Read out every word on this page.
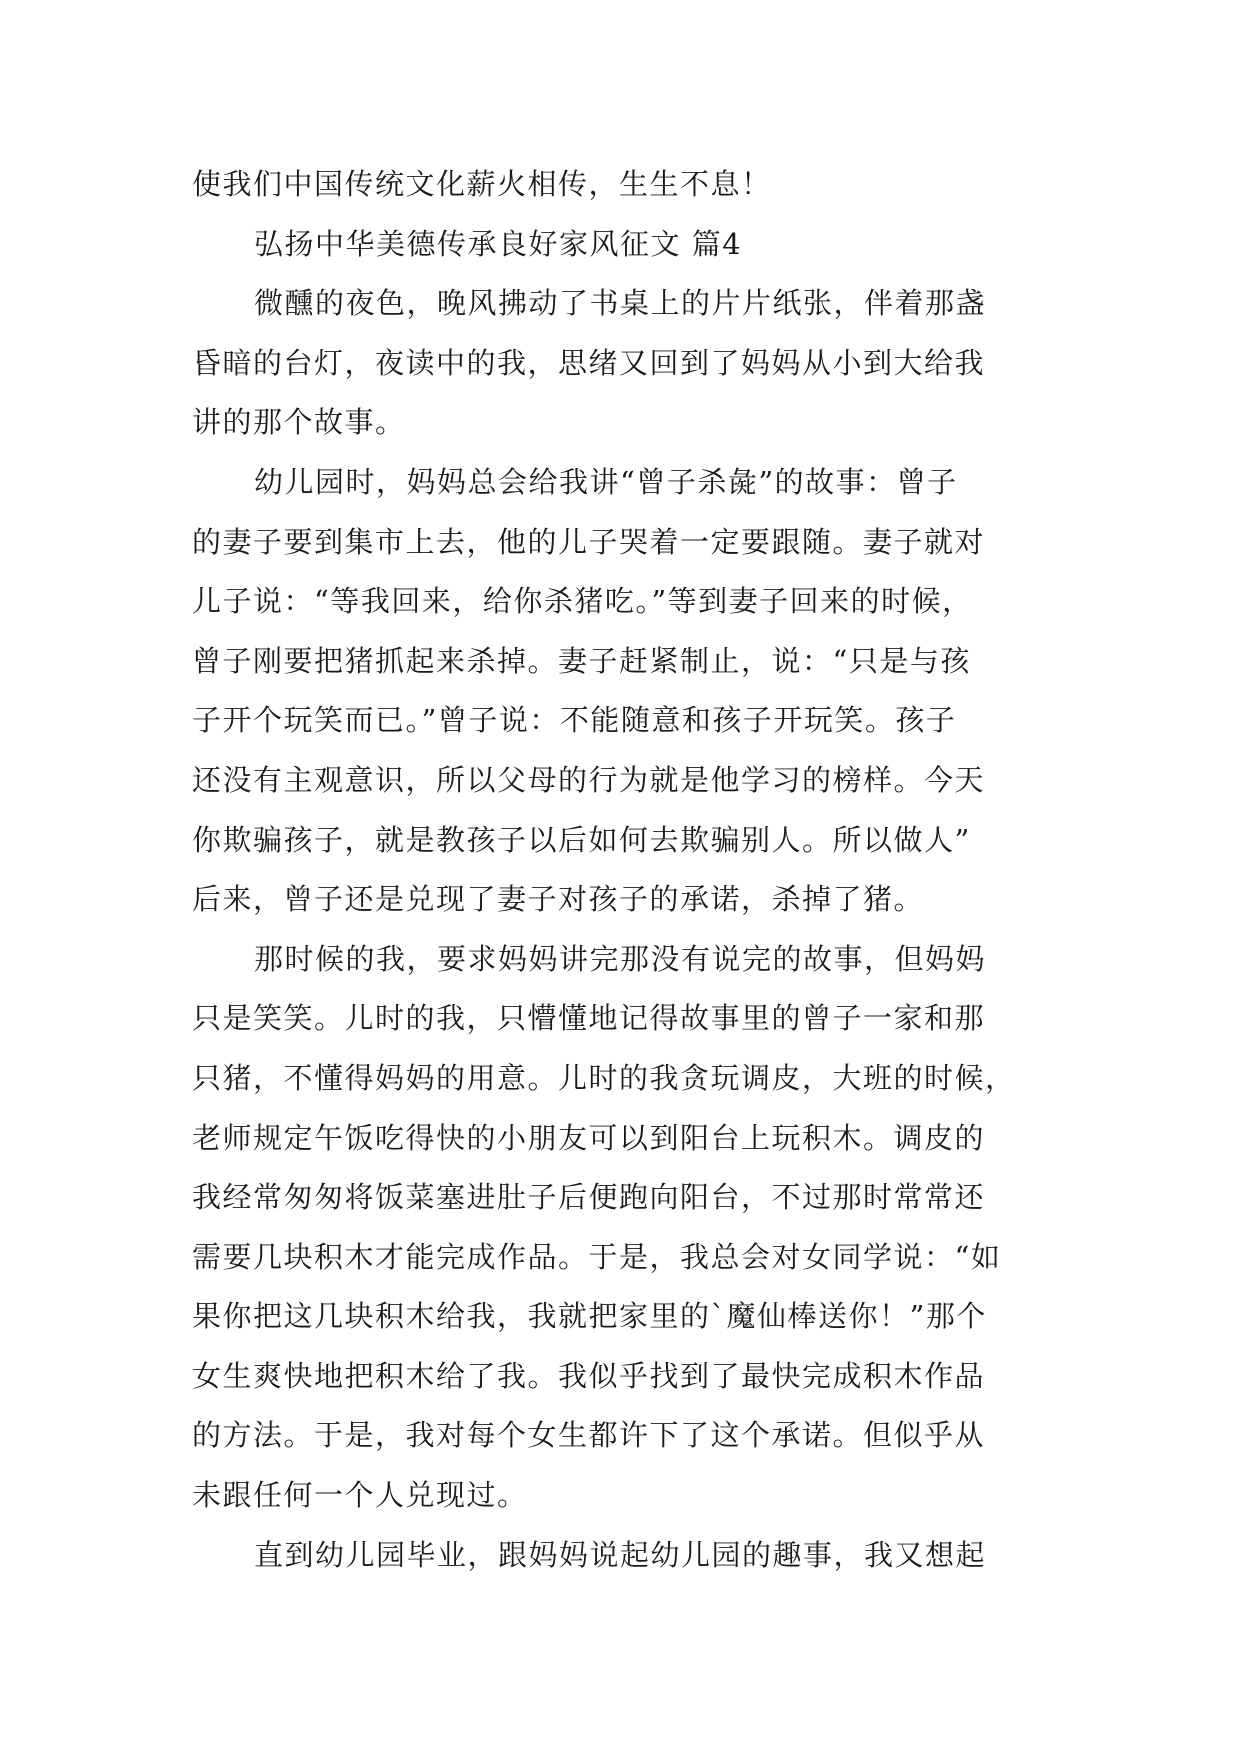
使我们中国传统文化薪火相传，生生不息！
弘扬中华美德传承良好家风征文 篇4
微醺的夜色，晚风拂动了书桌上的片片纸张，伴着那盏
昏暗的台灯，夜读中的我，思绪又回到了妈妈从小到大给我
讲的那个故事。
幼儿园时，妈妈总会给我讲“曾子杀彘”的故事：曾子
的妻子要到集市上去，他的儿子哭着一定要跟随。妻子就对
儿子说：“等我回来，给你杀猪吃。”等到妻子回来的时候，
曾子刚要把猪抓起来杀掉。妻子赶紧制止，说：“只是与孩
子开个玩笑而已。”曾子说：不能随意和孩子开玩笑。孩子
还没有主观意识，所以父母的行为就是他学习的榜样。今天
你欺骗孩子，就是教孩子以后如何去欺骗别人。所以做人”
后来，曾子还是兑现了妻子对孩子的承诺，杀掉了猪。
那时候的我，要求妈妈讲完那没有说完的故事，但妈妈
只是笑笑。儿时的我，只懵懂地记得故事里的曾子一家和那
只猪，不懂得妈妈的用意。儿时的我贪玩调皮，大班的时候，
老师规定午饭吃得快的小朋友可以到阳台上玩积木。调皮的
我经常匆匆将饭菜塞进肚子后便跑向阳台，不过那时常常还
需要几块积木才能完成作品。于是，我总会对女同学说：“如
果你把这几块积木给我，我就把家里的`魔仙棒送你！”那个
女生爽快地把积木给了我。我似乎找到了最快完成积木作品
的方法。于是，我对每个女生都许下了这个承诺。但似乎从
未跟任何一个人兑现过。
直到幼儿园毕业，跟妈妈说起幼儿园的趣事，我又想起
